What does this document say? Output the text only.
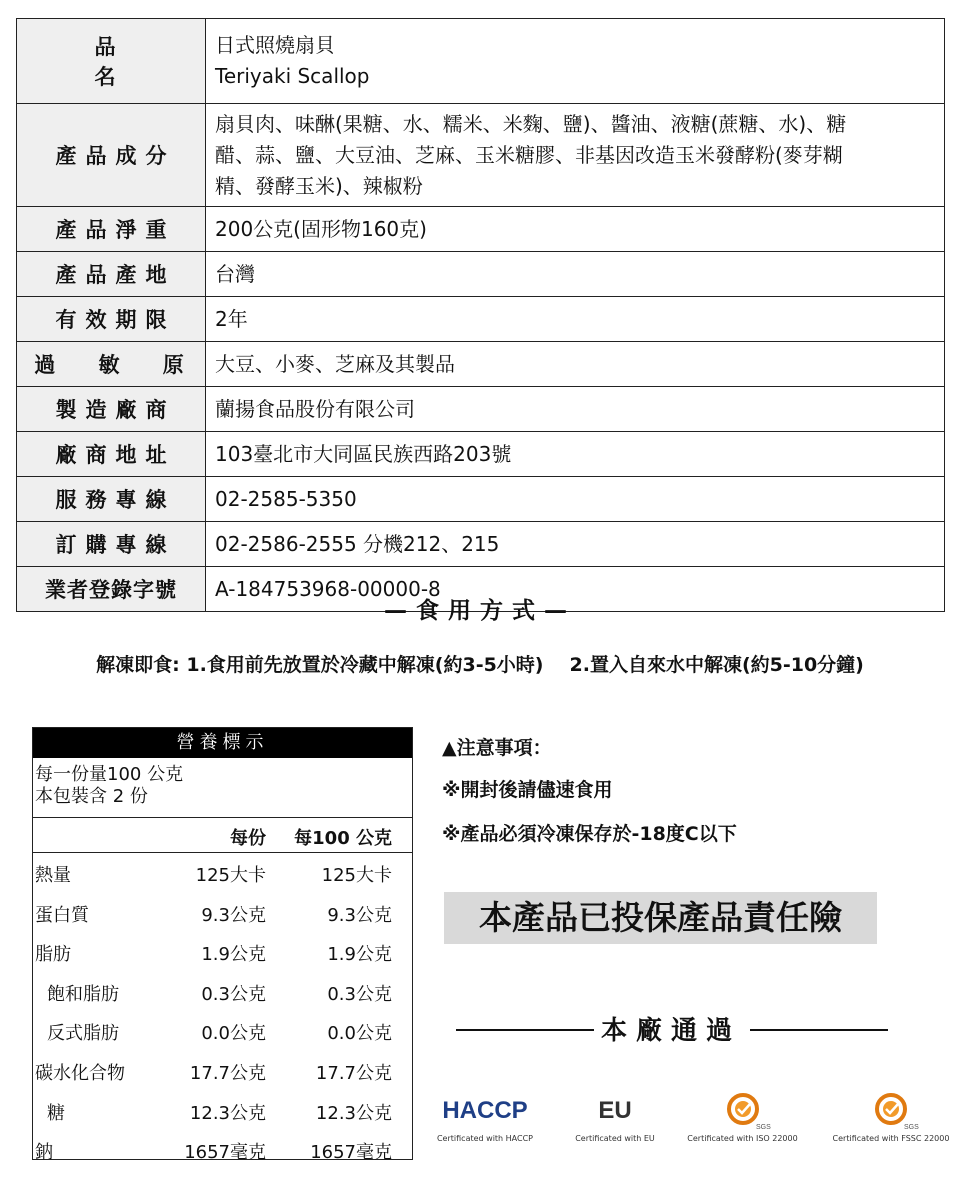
品 名	日式照燒扇貝
Teriyaki Scallop

產品成分	扇貝肉、味醂(果糖、水、糯米、米麴、鹽)、醬油、液糖(蔗糖、水)、糖
醋、蒜、鹽、大豆油、芝麻、玉米糖膠、非基因改造玉米發酵粉(麥芽糊
精、發酵玉米)、辣椒粉

產品淨重	200公克(固形物160克)
產品產地	台灣
有效期限	2年
過 敏 原	大豆、小麥、芝麻及其製品
製造廠商	蘭揚食品股份有限公司
廠商地址	103臺北市大同區民族西路203號
服務專線	02-2585-5350
訂購專線	02-2586-2555 分機212、215
業者登錄字號	A-184753968-00000-8
—食用方式—
解凍即食: 1.食用前先放置於冷藏中解凍(約3-5小時) 2.置入自來水中解凍(約5-10分鐘)
營養標示
每一份量100 公克
本包裝含 2 份
每份 每100 公克
熱量	125大卡	125大卡
蛋白質	9.3公克	9.3公克
脂肪	1.9公克	1.9公克
飽和脂肪	0.3公克	0.3公克
反式脂肪	0.0公克	0.0公克
碳水化合物	17.7公克	17.7公克
糖	12.3公克	12.3公克
鈉	1657毫克 1657毫克
▲注意事項：
※開封後請儘速食用
※產品必須冷凍保存於-18度C以下
本產品已投保產品責任險
本廠通過
HACCP
Certificated with HACCP
EU
Certificated with EU
SGS
Certificated with ISO 22000
SGS
Certificated with FSSC 22000
